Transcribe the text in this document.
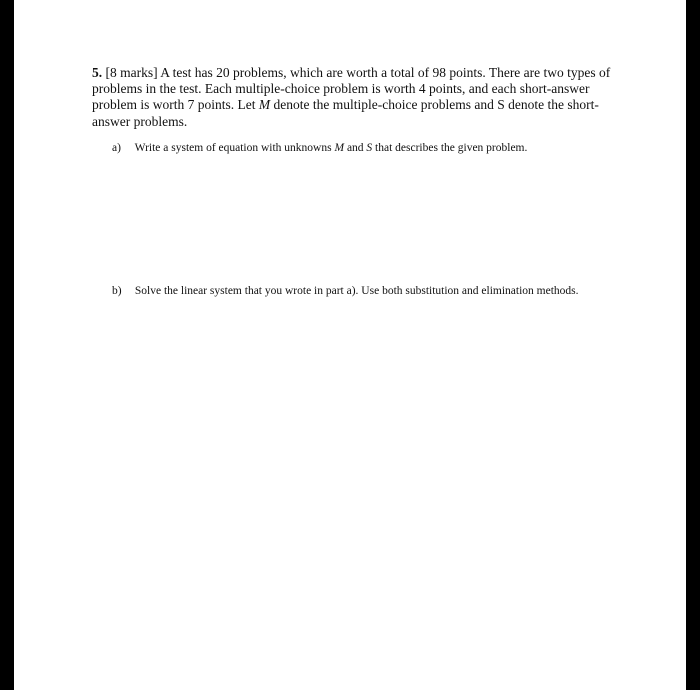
5. [8 marks] A test has 20 problems, which are worth a total of 98 points. There are two types of problems in the test. Each multiple-choice problem is worth 4 points, and each short-answer problem is worth 7 points. Let M denote the multiple-choice problems and S denote the short-answer problems.
a) Write a system of equation with unknowns M and S that describes the given problem.
b) Solve the linear system that you wrote in part a). Use both substitution and elimination methods.
